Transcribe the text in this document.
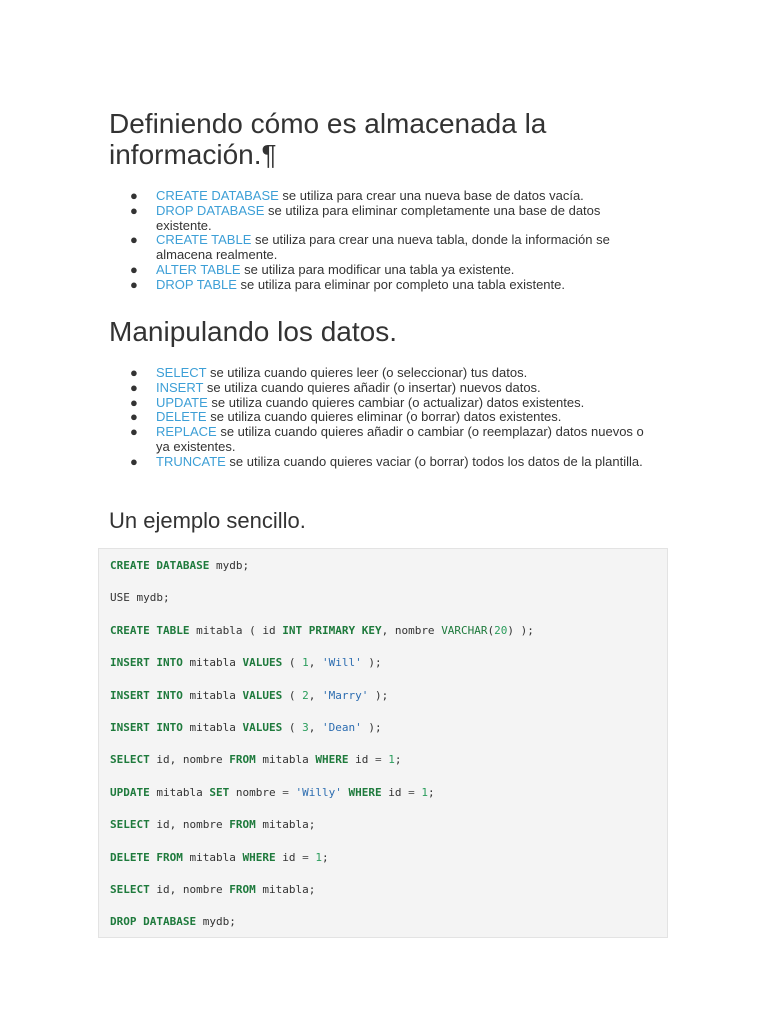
Definiendo cómo es almacenada la información.¶
● CREATE DATABASE se utiliza para crear una nueva base de datos vacía.
● DROP DATABASE se utiliza para eliminar completamente una base de datos existente.
● CREATE TABLE se utiliza para crear una nueva tabla, donde la información se almacena realmente.
● ALTER TABLE se utiliza para modificar una tabla ya existente.
● DROP TABLE se utiliza para eliminar por completo una tabla existente.
Manipulando los datos.
● SELECT se utiliza cuando quieres leer (o seleccionar) tus datos.
● INSERT se utiliza cuando quieres añadir (o insertar) nuevos datos.
● UPDATE se utiliza cuando quieres cambiar (o actualizar) datos existentes.
● DELETE se utiliza cuando quieres eliminar (o borrar) datos existentes.
● REPLACE se utiliza cuando quieres añadir o cambiar (o reemplazar) datos nuevos o ya existentes.
● TRUNCATE se utiliza cuando quieres vaciar (o borrar) todos los datos de la plantilla.
Un ejemplo sencillo.
CREATE DATABASE mydb;
USE mydb;
CREATE TABLE mitabla ( id INT PRIMARY KEY, nombre VARCHAR(20) );
INSERT INTO mitabla VALUES ( 1, 'Will' );
INSERT INTO mitabla VALUES ( 2, 'Marry' );
INSERT INTO mitabla VALUES ( 3, 'Dean' );
SELECT id, nombre FROM mitabla WHERE id = 1;
UPDATE mitabla SET nombre = 'Willy' WHERE id = 1;
SELECT id, nombre FROM mitabla;
DELETE FROM mitabla WHERE id = 1;
SELECT id, nombre FROM mitabla;
DROP DATABASE mydb;
